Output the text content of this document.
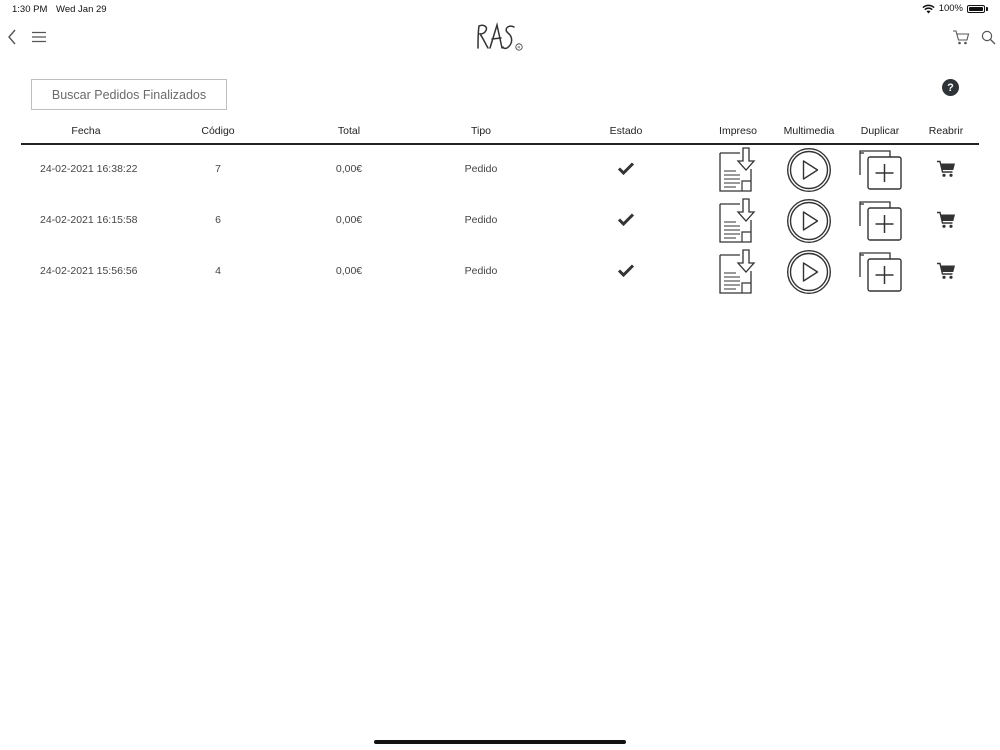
1:30 PM Wed Jan 29	100%
R
Buscar Pedidos Finalizados
?
Fecha	Código	Total	Tipo	Estado	Impreso	Multimedia	Duplicar	Reabrir
24-02-2021 16:38:22	7	0,00€	Pedido
24-02-2021 16:15:58	6	0,00€	Pedido
24-02-2021 15:56:56	4	0,00€	Pedido
